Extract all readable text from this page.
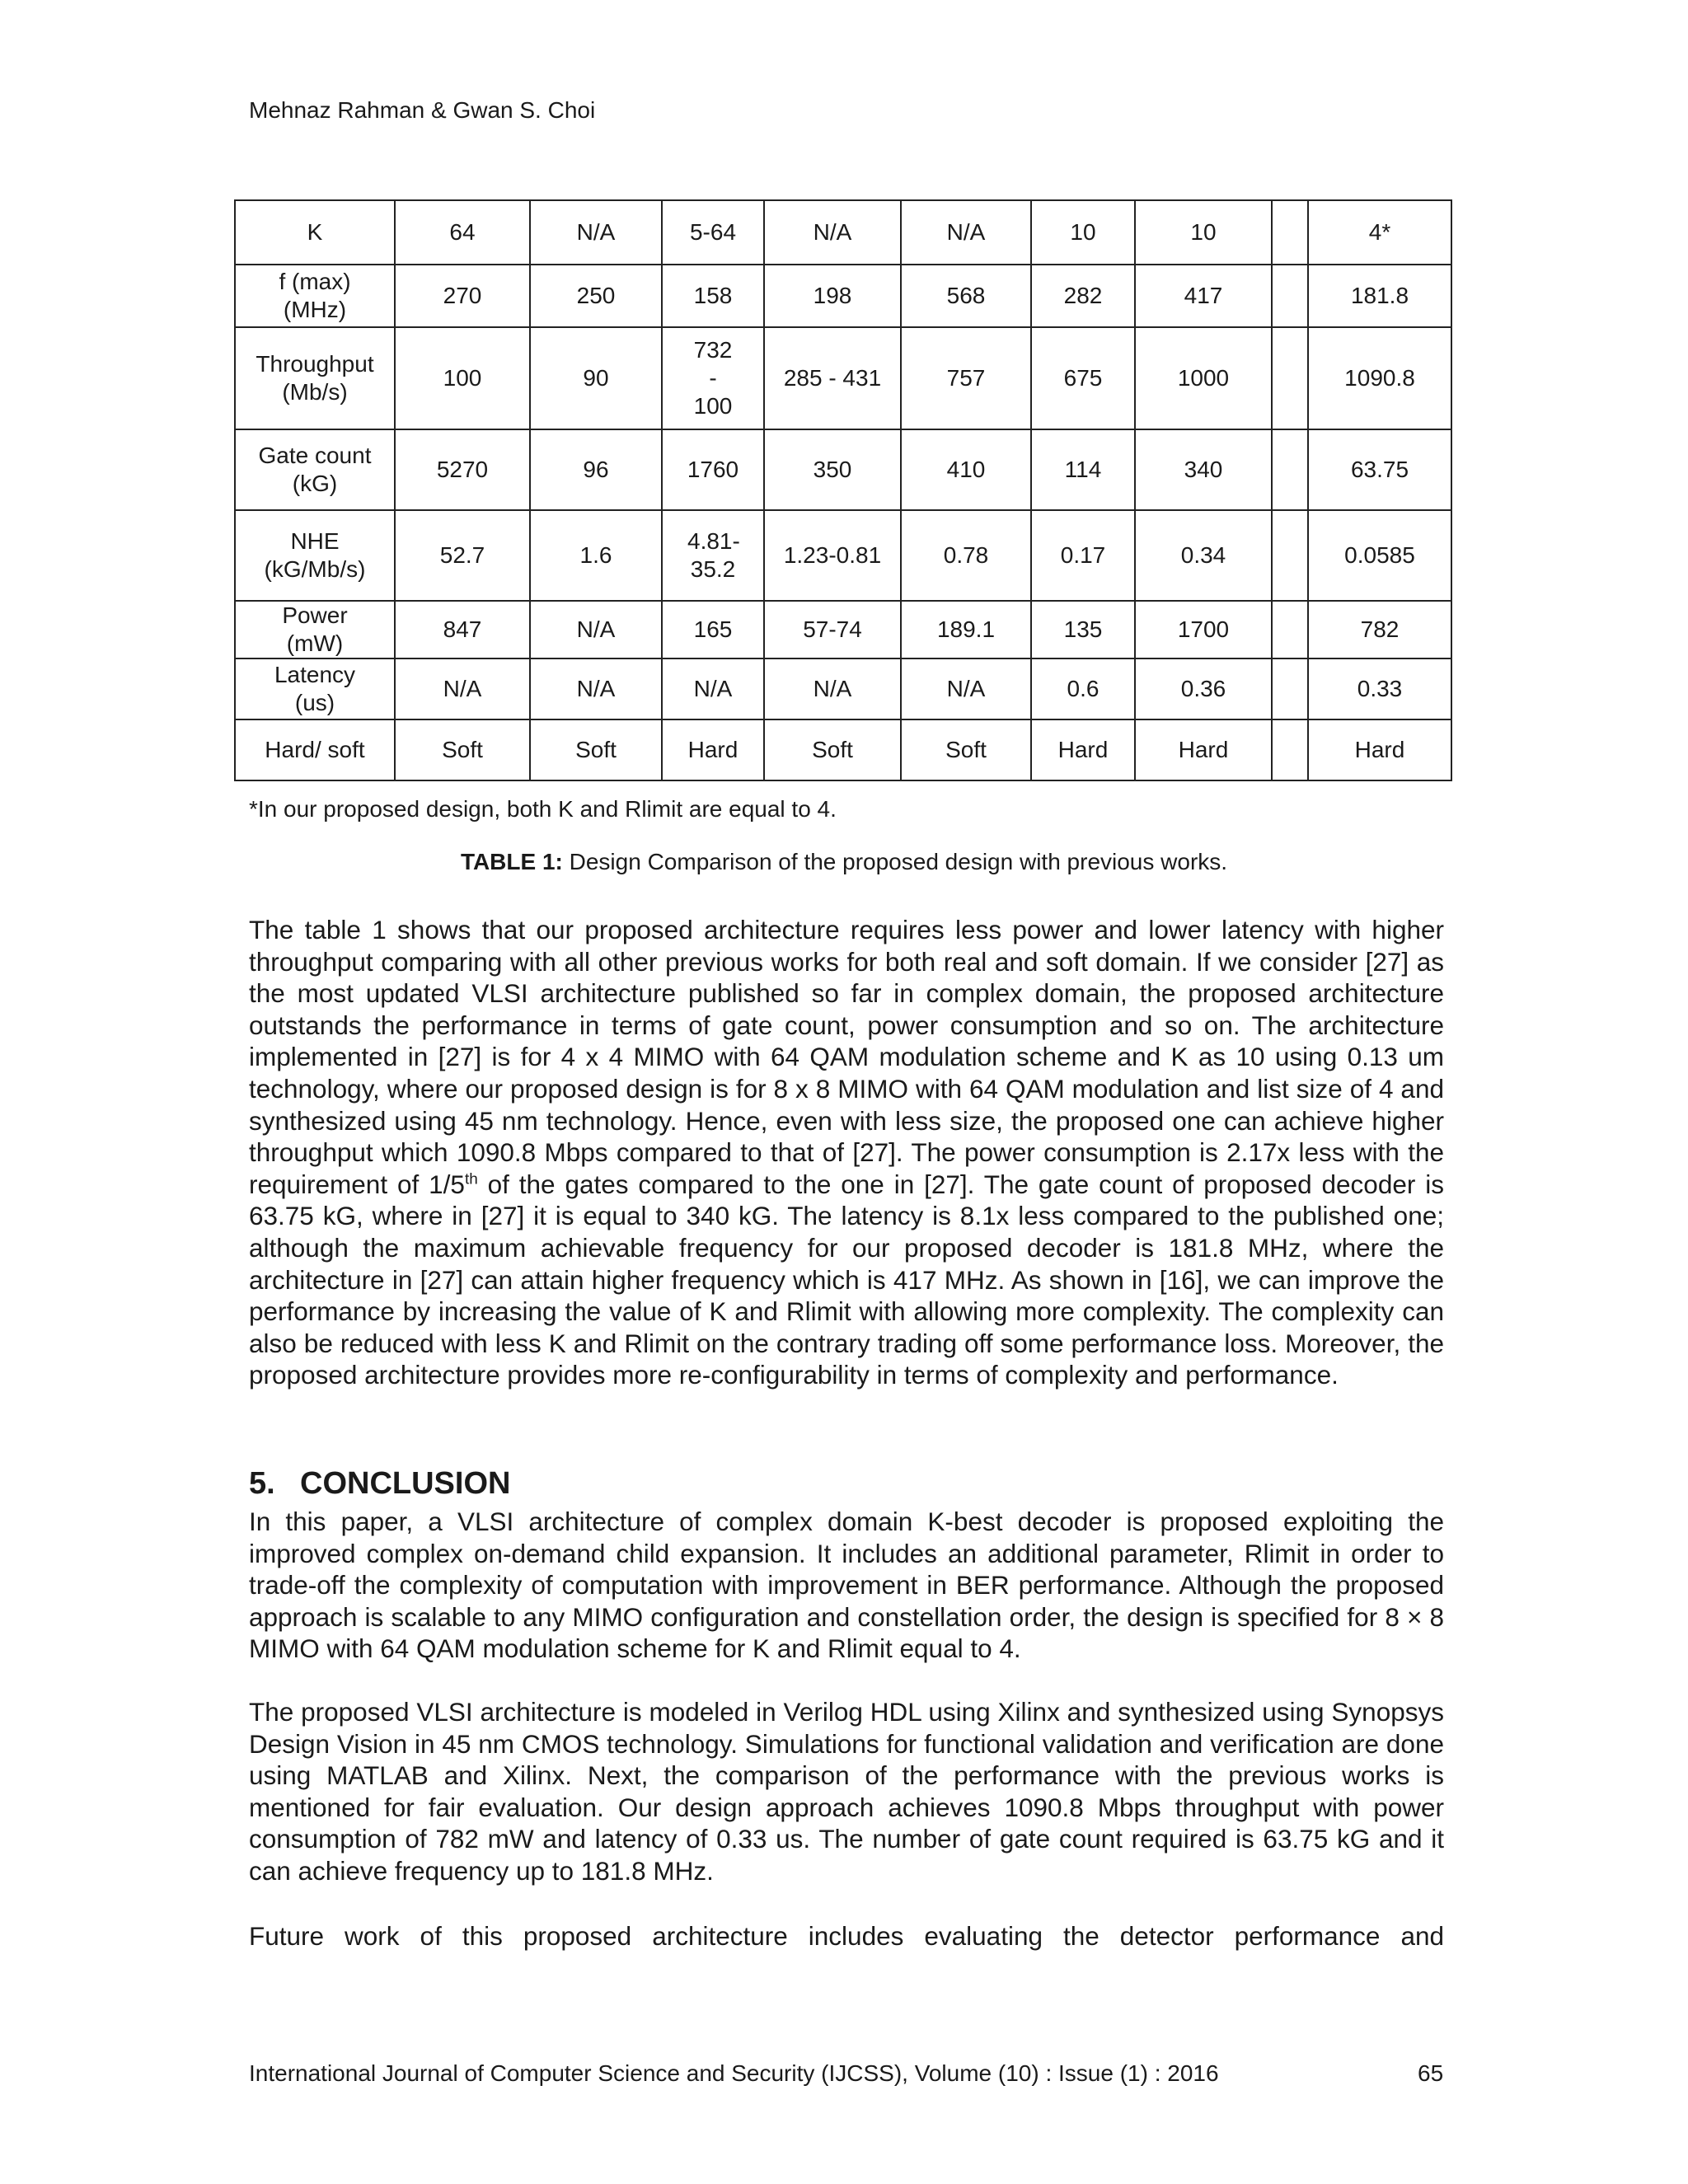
Mehnaz Rahman & Gwan S. Choi
K	64	N/A	5-64	N/A	N/A	10	10		4*

f (max)
(MHz)	270	250	158	198	568	282	417		181.8

Throughput
(Mb/s)	100	90	732 - 100	285 - 431	757	675	1000		1090.8

Gate count
(kG)	5270	96	1760	350	410	114	340		63.75

NHE
(kG/Mb/s)	52.7	1.6	4.81- 35.2	1.23-0.81	0.78	0.17	0.34		0.0585

Power
(mW)	847	N/A	165	57-74	189.1	135	1700		782

Latency
(us)	N/A	N/A	N/A	N/A	N/A	0.6	0.36		0.33

Hard/ soft	Soft	Soft	Hard	Soft	Soft	Hard	Hard		Hard
*In our proposed design, both K and Rlimit are equal to 4.
TABLE 1: Design Comparison of the proposed design with previous works.

The table 1 shows that our proposed architecture requires less power and lower latency with higher throughput comparing with all other previous works for both real and soft domain. If we consider [27] as the most updated VLSI architecture published so far in complex domain, the proposed architecture outstands the performance in terms of gate count, power consumption and so on. The architecture implemented in [27] is for 4 x 4 MIMO with 64 QAM modulation scheme and K as 10 using 0.13 um technology, where our proposed design is for 8 x 8 MIMO with 64 QAM modulation and list size of 4 and synthesized using 45 nm technology. Hence, even with less size, the proposed one can achieve higher throughput which 1090.8 Mbps compared to that of [27]. The power consumption is 2.17x less with the requirement of 1/5th of the gates compared to the one in [27]. The gate count of proposed decoder is 63.75 kG, where in [27] it is equal to 340 kG. The latency is 8.1x less compared to the published one; although the maximum achievable frequency for our proposed decoder is 181.8 MHz, where the architecture in [27] can attain higher frequency which is 417 MHz. As shown in [16], we can improve the performance by increasing the value of K and Rlimit with allowing more complexity. The complexity can also be reduced with less K and Rlimit on the contrary trading off some performance loss. Moreover, the proposed architecture provides more re-configurability in terms of complexity and performance.

5. CONCLUSION

In this paper, a VLSI architecture of complex domain K-best decoder is proposed exploiting the improved complex on-demand child expansion. It includes an additional parameter, Rlimit in order to trade-off the complexity of computation with improvement in BER performance. Although the proposed approach is scalable to any MIMO configuration and constellation order, the design is specified for 8 × 8 MIMO with 64 QAM modulation scheme for K and Rlimit equal to 4.

The proposed VLSI architecture is modeled in Verilog HDL using Xilinx and synthesized using Synopsys Design Vision in 45 nm CMOS technology. Simulations for functional validation and verification are done using MATLAB and Xilinx. Next, the comparison of the performance with the previous works is mentioned for fair evaluation. Our design approach achieves 1090.8 Mbps throughput with power consumption of 782 mW and latency of 0.33 us. The number of gate count required is 63.75 kG and it can achieve frequency up to 181.8 MHz.

Future work of this proposed architecture includes evaluating the detector performance and

International Journal of Computer Science and Security (IJCSS), Volume (10) : Issue (1) : 2016	65
